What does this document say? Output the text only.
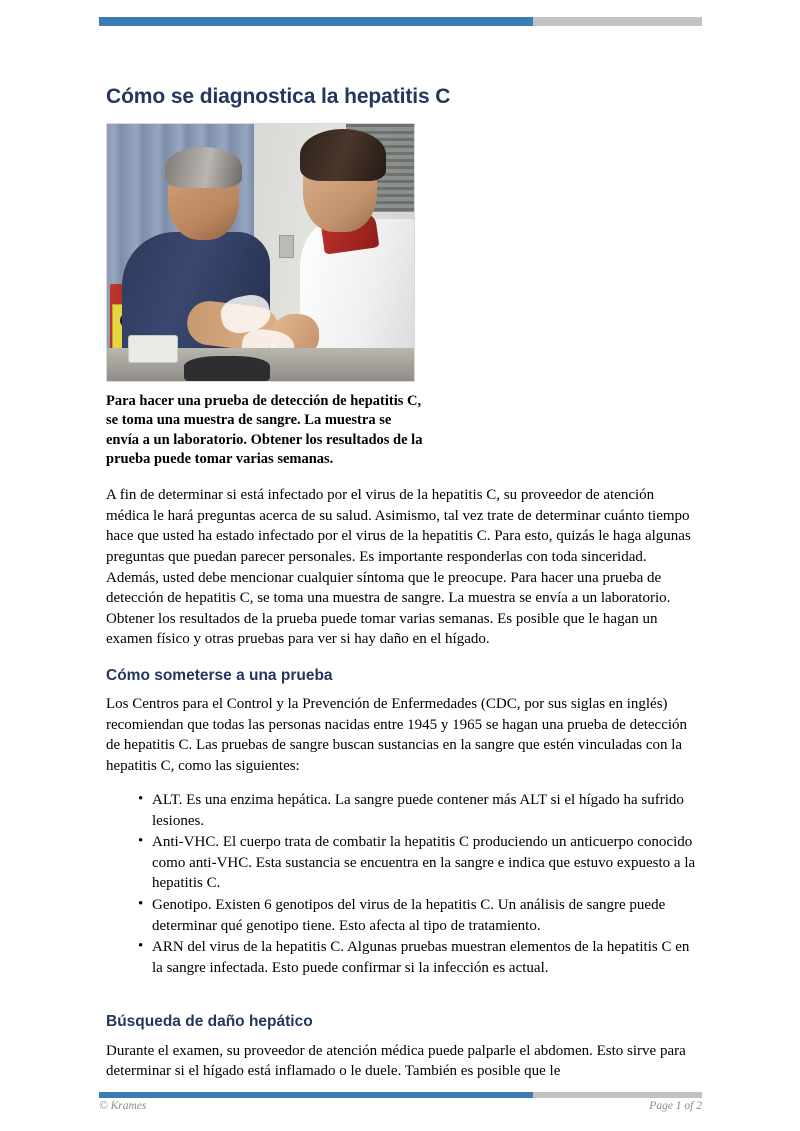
Cómo se diagnostica la hepatitis C

Para hacer una prueba de detección de hepatitis C, se toma una muestra de sangre. La muestra se envía a un laboratorio. Obtener los resultados de la prueba puede tomar varias semanas.

A fin de determinar si está infectado por el virus de la hepatitis C, su proveedor de atención médica le hará preguntas acerca de su salud. Asimismo, tal vez trate de determinar cuánto tiempo hace que usted ha estado infectado por el virus de la hepatitis C. Para esto, quizás le haga algunas preguntas que puedan parecer personales. Es importante responderlas con toda sinceridad. Además, usted debe mencionar cualquier síntoma que le preocupe. Para hacer una prueba de detección de hepatitis C, se toma una muestra de sangre. La muestra se envía a un laboratorio. Obtener los resultados de la prueba puede tomar varias semanas. Es posible que le hagan un examen físico y otras pruebas para ver si hay daño en el hígado.

Cómo someterse a una prueba

Los Centros para el Control y la Prevención de Enfermedades (CDC, por sus siglas en inglés) recomiendan que todas las personas nacidas entre 1945 y 1965 se hagan una prueba de detección de hepatitis C. Las pruebas de sangre buscan sustancias en la sangre que estén vinculadas con la hepatitis C, como las siguientes:

• ALT. Es una enzima hepática. La sangre puede contener más ALT si el hígado ha sufrido lesiones.
• Anti-VHC. El cuerpo trata de combatir la hepatitis C produciendo un anticuerpo conocido como anti-VHC. Esta sustancia se encuentra en la sangre e indica que estuvo expuesto a la hepatitis C.
• Genotipo. Existen 6 genotipos del virus de la hepatitis C. Un análisis de sangre puede determinar qué genotipo tiene. Esto afecta al tipo de tratamiento.
• ARN del virus de la hepatitis C. Algunas pruebas muestran elementos de la hepatitis C en la sangre infectada. Esto puede confirmar si la infección es actual.
Búsqueda de daño hepático

Durante el examen, su proveedor de atención médica puede palparle el abdomen. Esto sirve para determinar si el hígado está inflamado o le duele. También es posible que le

© Krames	Page 1 of 2
